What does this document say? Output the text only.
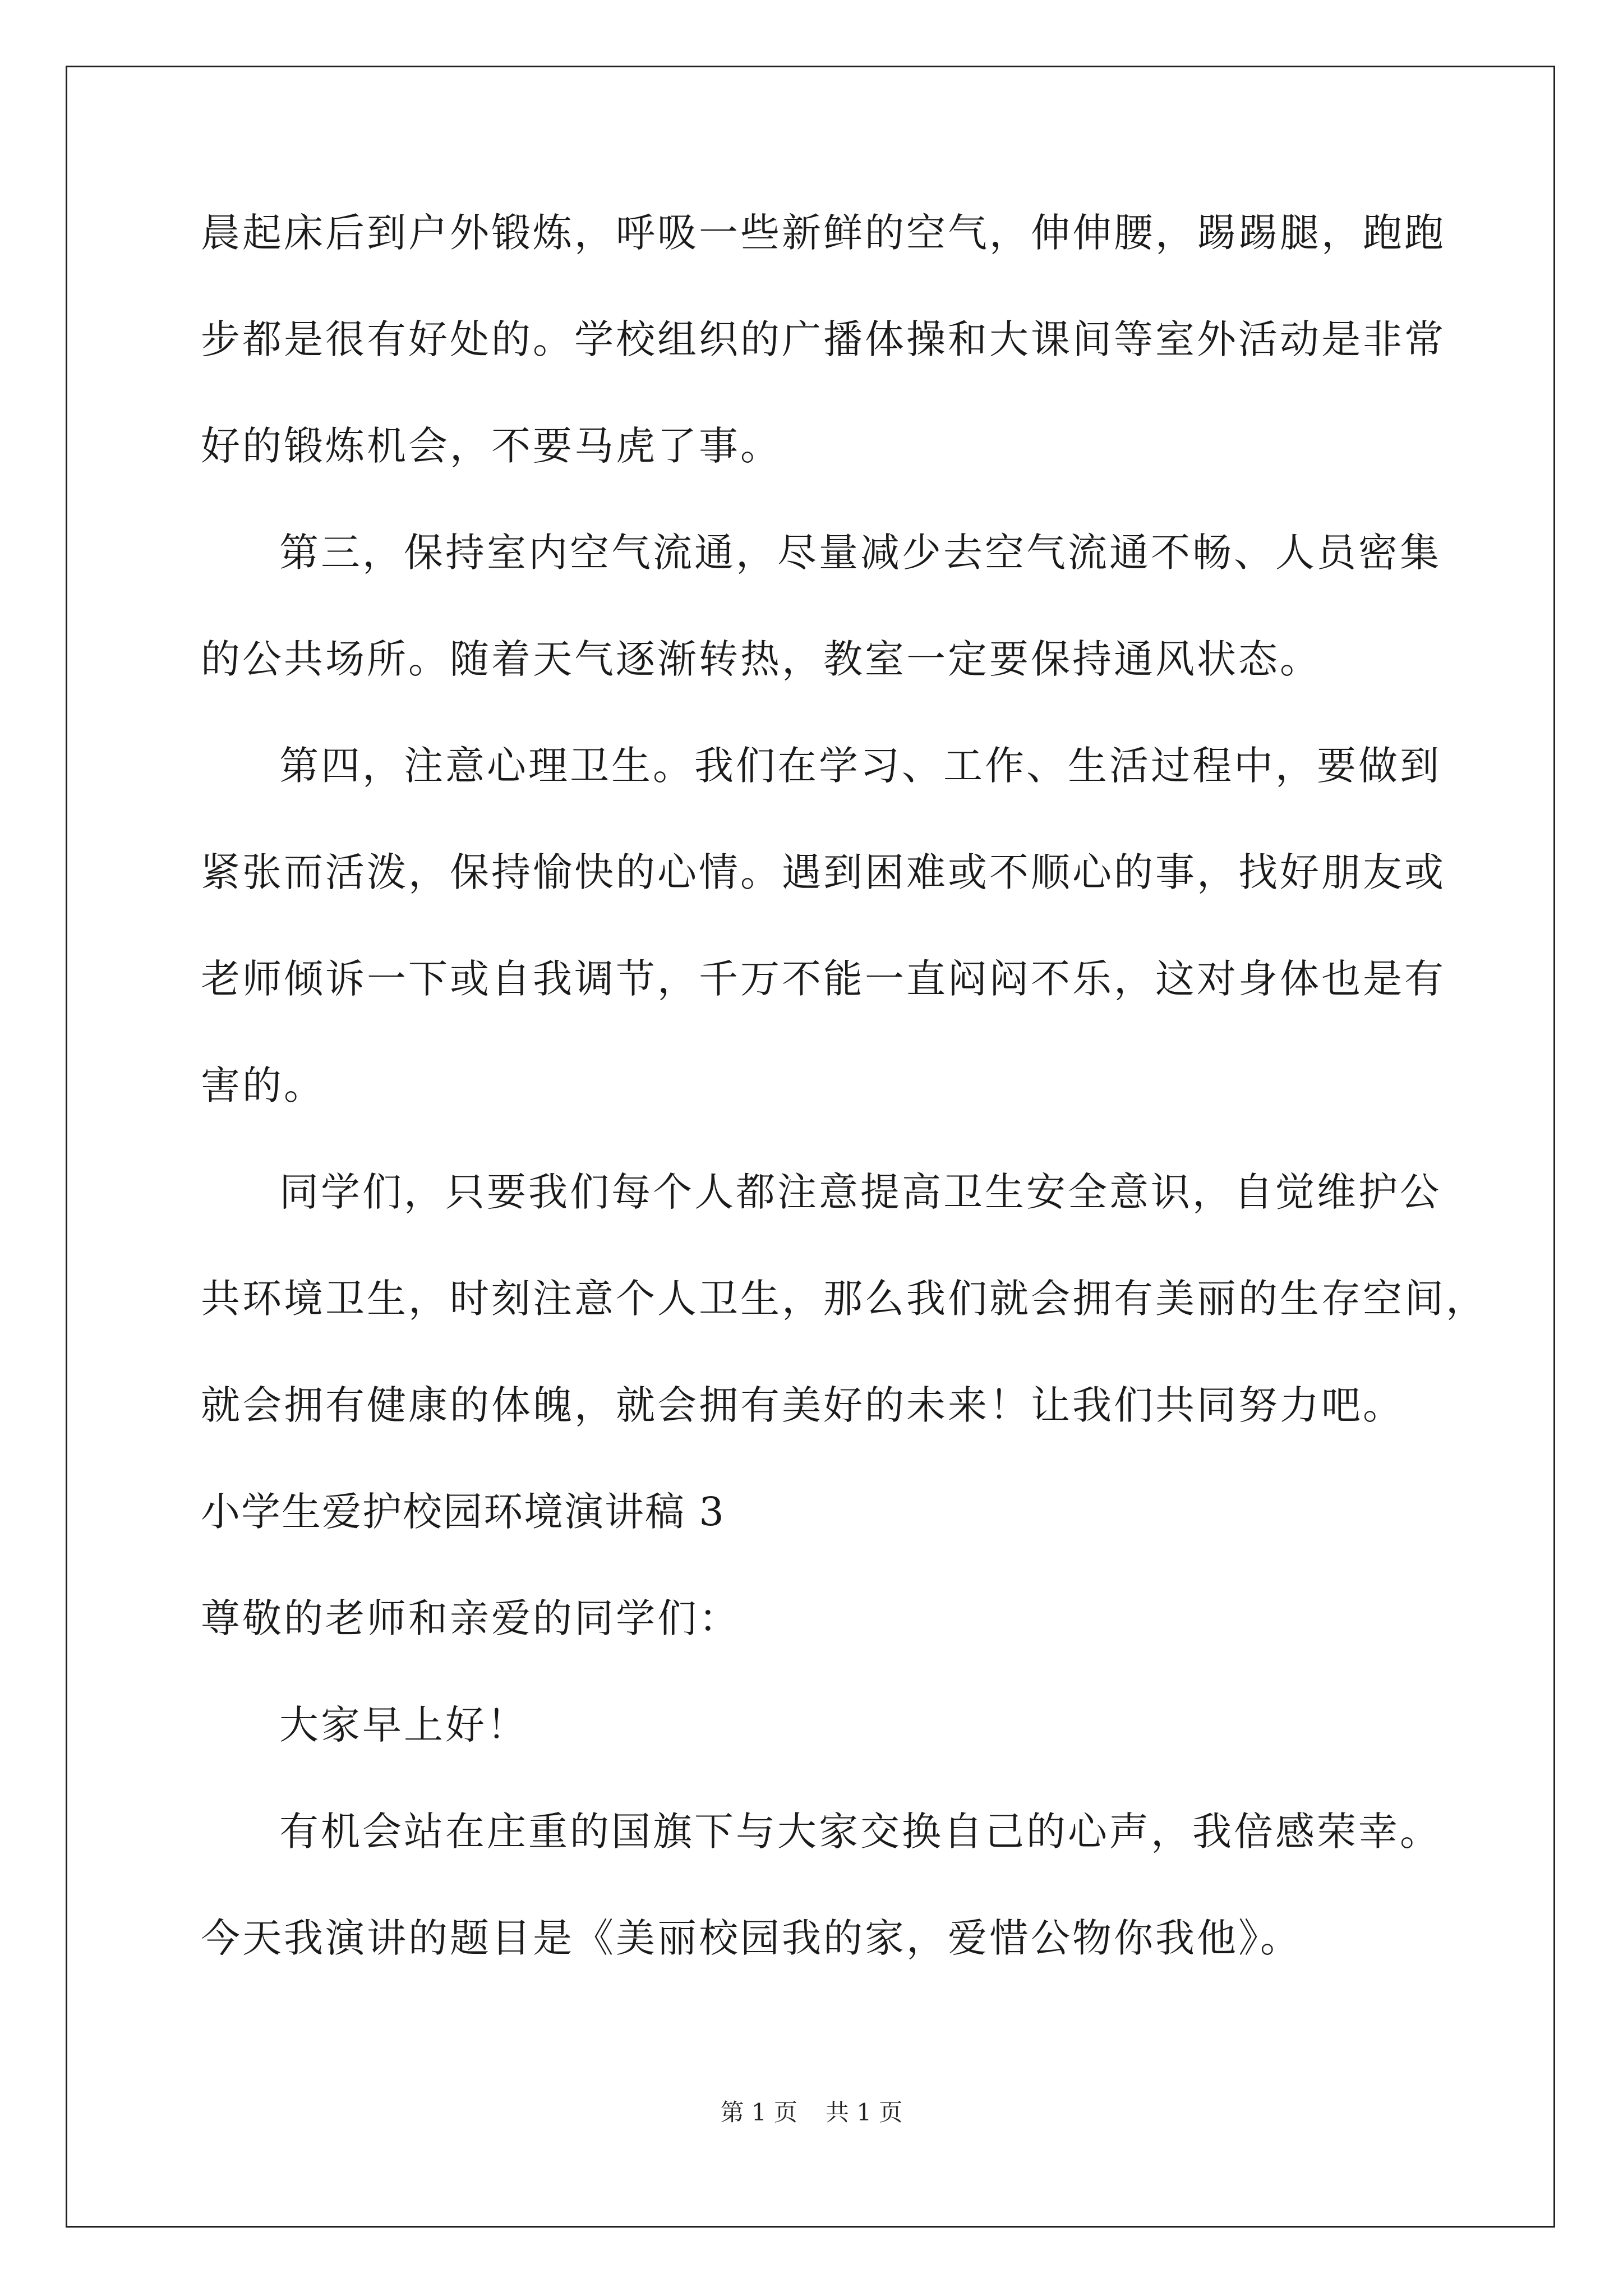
晨起床后到户外锻炼，呼吸一些新鲜的空气，伸伸腰，踢踢腿，跑跑
步都是很有好处的。学校组织的广播体操和大课间等室外活动是非常
好的锻炼机会，不要马虎了事。
第三，保持室内空气流通，尽量减少去空气流通不畅、人员密集
的公共场所。随着天气逐渐转热，教室一定要保持通风状态。
第四，注意心理卫生。我们在学习、工作、生活过程中，要做到
紧张而活泼，保持愉快的心情。遇到困难或不顺心的事，找好朋友或
老师倾诉一下或自我调节，千万不能一直闷闷不乐，这对身体也是有
害的。
同学们，只要我们每个人都注意提高卫生安全意识，自觉维护公
共环境卫生，时刻注意个人卫生，那么我们就会拥有美丽的生存空间，
就会拥有健康的体魄，就会拥有美好的未来！让我们共同努力吧。
小学生爱护校园环境演讲稿 3
尊敬的老师和亲爱的同学们：
大家早上好！
有机会站在庄重的国旗下与大家交换自己的心声，我倍感荣幸。
今天我演讲的题目是《美丽校园我的家，爱惜公物你我他》。
第 1 页 共 1 页
